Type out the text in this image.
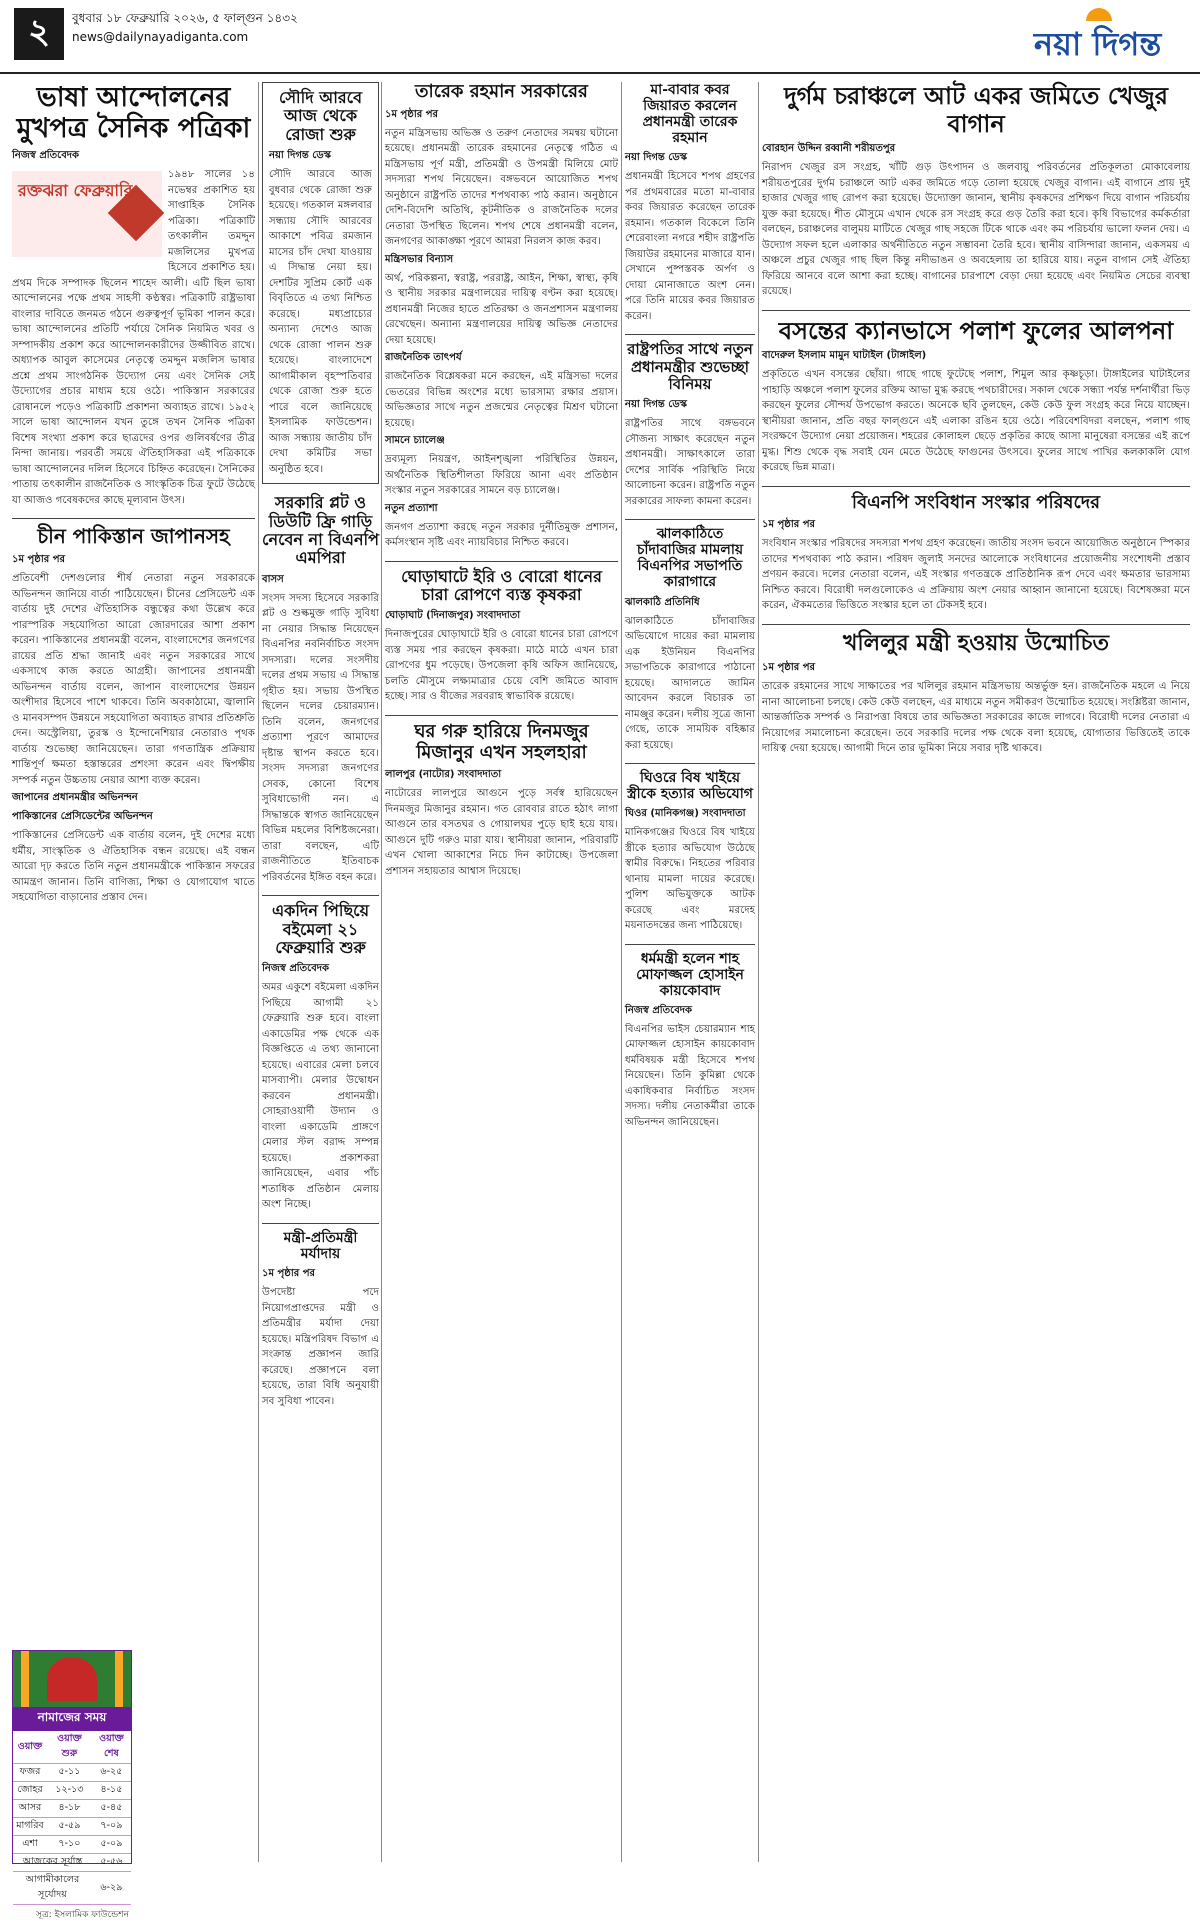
২	বুধবার ১৮ ফেব্রুয়ারি ২০২৬, ৫ ফাল্গুন ১৪৩২
news@dailynayadiganta.com	নয়া দিগন্ত
ভাষা আন্দোলনের মুখপত্র সৈনিক পত্রিকা
নিজস্ব প্রতিবেদক
রক্তঝরা ফেব্রুয়ারি

১৯৪৮ সালের ১৪ নভেম্বর প্রকাশিত হয় সাপ্তাহিক সৈনিক পত্রিকা। পত্রিকাটি তৎকালীন তমদ্দুন মজলিসের মুখপত্র হিসেবে প্রকাশিত হয়। প্রথম দিকে সম্পাদক ছিলেন শাহেদ আলী। এটি ছিল ভাষা আন্দোলনের পক্ষে প্রথম সাহসী কণ্ঠস্বর। পত্রিকাটি রাষ্ট্রভাষা বাংলার দাবিতে জনমত গঠনে গুরুত্বপূর্ণ ভূমিকা পালন করে। ভাষা আন্দোলনের প্রতিটি পর্যায়ে সৈনিক নিয়মিত খবর ও সম্পাদকীয় প্রকাশ করে আন্দোলনকারীদের উজ্জীবিত রাখে। অধ্যাপক আবুল কাসেমের নেতৃত্বে তমদ্দুন মজলিস ভাষার প্রশ্নে প্রথম সাংগঠনিক উদ্যোগ নেয় এবং সৈনিক সেই উদ্যোগের প্রচার মাধ্যম হয়ে ওঠে। পাকিস্তান সরকারের রোষানলে পড়েও পত্রিকাটি প্রকাশনা অব্যাহত রাখে। ১৯৫২ সালে ভাষা আন্দোলন যখন তুঙ্গে তখন সৈনিক পত্রিকা বিশেষ সংখ্যা প্রকাশ করে ছাত্রদের ওপর গুলিবর্ষণের তীব্র নিন্দা জানায়। পরবর্তী সময়ে ঐতিহাসিকরা এই পত্রিকাকে ভাষা আন্দোলনের দলিল হিসেবে চিহ্নিত করেছেন। সৈনিকের পাতায় তৎকালীন রাজনৈতিক ও সাংস্কৃতিক চিত্র ফুটে উঠেছে যা আজও গবেষকদের কাছে মূল্যবান উৎস।

চীন পাকিস্তান জাপানসহ
১ম পৃষ্ঠার পর

প্রতিবেশী দেশগুলোর শীর্ষ নেতারা নতুন সরকারকে অভিনন্দন জানিয়ে বার্তা পাঠিয়েছেন। চীনের প্রেসিডেন্ট এক বার্তায় দুই দেশের ঐতিহাসিক বন্ধুত্বের কথা উল্লেখ করে পারস্পরিক সহযোগিতা আরো জোরদারের আশা প্রকাশ করেন। পাকিস্তানের প্রধানমন্ত্রী বলেন, বাংলাদেশের জনগণের রায়ের প্রতি শ্রদ্ধা জানাই এবং নতুন সরকারের সাথে একসাথে কাজ করতে আগ্রহী। জাপানের প্রধানমন্ত্রী অভিনন্দন বার্তায় বলেন, জাপান বাংলাদেশের উন্নয়ন অংশীদার হিসেবে পাশে থাকবে। তিনি অবকাঠামো, জ্বালানি ও মানবসম্পদ উন্নয়নে সহযোগিতা অব্যাহত রাখার প্রতিশ্রুতি দেন। অস্ট্রেলিয়া, তুরস্ক ও ইন্দোনেশিয়ার নেতারাও পৃথক বার্তায় শুভেচ্ছা জানিয়েছেন। তারা গণতান্ত্রিক প্রক্রিয়ায় শান্তিপূর্ণ ক্ষমতা হস্তান্তরের প্রশংসা করেন এবং দ্বিপক্ষীয় সম্পর্ক নতুন উচ্চতায় নেয়ার আশা ব্যক্ত করেন।

জাপানের প্রধানমন্ত্রীর অভিনন্দন
পাকিস্তানের প্রেসিডেন্টের অভিনন্দন

পাকিস্তানের প্রেসিডেন্ট এক বার্তায় বলেন, দুই দেশের মধ্যে ধর্মীয়, সাংস্কৃতিক ও ঐতিহাসিক বন্ধন রয়েছে। এই বন্ধন আরো দৃঢ় করতে তিনি নতুন প্রধানমন্ত্রীকে পাকিস্তান সফরের আমন্ত্রণ জানান। তিনি বাণিজ্য, শিক্ষা ও যোগাযোগ খাতে সহযোগিতা বাড়ানোর প্রস্তাব দেন।

নামাজের সময়
ওয়াক্ত	ওয়াক্ত শুরু	ওয়াক্ত শেষ
ফজর	৫-১১	৬-২৫
জোহর	১২-১৩	৪-১৫
আসর	৪-১৮	৫-৪৫
মাগরিব	৫-৫৯	৭-০৯
এশা	৭-১০	৫-০৯
আজকের সূর্যাস্ত		৫-৫৬
আগামীকালের সূর্যোদয়		৬-২৯
সূত্র: ইসলামিক ফাউন্ডেশন
সৌদি আরবে আজ থেকে রোজা শুরু
নয়া দিগন্ত ডেস্ক

সৌদি আরবে আজ বুধবার থেকে রোজা শুরু হয়েছে। গতকাল মঙ্গলবার সন্ধ্যায় সৌদি আরবের আকাশে পবিত্র রমজান মাসের চাঁদ দেখা যাওয়ায় এ সিদ্ধান্ত নেয়া হয়। দেশটির সুপ্রিম কোর্ট এক বিবৃতিতে এ তথ্য নিশ্চিত করেছে। মধ্যপ্রাচ্যের অন্যান্য দেশেও আজ থেকে রোজা পালন শুরু হয়েছে। বাংলাদেশে আগামীকাল বৃহস্পতিবার থেকে রোজা শুরু হতে পারে বলে জানিয়েছে ইসলামিক ফাউন্ডেশন। আজ সন্ধ্যায় জাতীয় চাঁদ দেখা কমিটির সভা অনুষ্ঠিত হবে।

সরকারি প্লট ও ডিউটি ফ্রি গাড়ি নেবেন না বিএনপি এমপিরা
বাসস

সংসদ সদস্য হিসেবে সরকারি প্লট ও শুল্কমুক্ত গাড়ি সুবিধা না নেয়ার সিদ্ধান্ত নিয়েছেন বিএনপির নবনির্বাচিত সংসদ সদস্যরা। দলের সংসদীয় দলের প্রথম সভায় এ সিদ্ধান্ত গৃহীত হয়। সভায় উপস্থিত ছিলেন দলের চেয়ারম্যান। তিনি বলেন, জনগণের প্রত্যাশা পূরণে আমাদের দৃষ্টান্ত স্থাপন করতে হবে। সংসদ সদস্যরা জনগণের সেবক, কোনো বিশেষ সুবিধাভোগী নন। এ সিদ্ধান্তকে স্বাগত জানিয়েছেন বিভিন্ন মহলের বিশিষ্টজনেরা। তারা বলছেন, এটি রাজনীতিতে ইতিবাচক পরিবর্তনের ইঙ্গিত বহন করে।

একদিন পিছিয়ে বইমেলা ২১ ফেব্রুয়ারি শুরু
নিজস্ব প্রতিবেদক

অমর একুশে বইমেলা একদিন পিছিয়ে আগামী ২১ ফেব্রুয়ারি শুরু হবে। বাংলা একাডেমির পক্ষ থেকে এক বিজ্ঞপ্তিতে এ তথ্য জানানো হয়েছে। এবারের মেলা চলবে মাসব্যাপী। মেলার উদ্বোধন করবেন প্রধানমন্ত্রী। সোহরাওয়ার্দী উদ্যান ও বাংলা একাডেমি প্রাঙ্গণে মেলার স্টল বরাদ্দ সম্পন্ন হয়েছে। প্রকাশকরা জানিয়েছেন, এবার পাঁচ শতাধিক প্রতিষ্ঠান মেলায় অংশ নিচ্ছে।

মন্ত্রী-প্রতিমন্ত্রী মর্যাদায়
১ম পৃষ্ঠার পর

উপদেষ্টা পদে নিয়োগপ্রাপ্তদের মন্ত্রী ও প্রতিমন্ত্রীর মর্যাদা দেয়া হয়েছে। মন্ত্রিপরিষদ বিভাগ এ সংক্রান্ত প্রজ্ঞাপন জারি করেছে। প্রজ্ঞাপনে বলা হয়েছে, তারা বিধি অনুযায়ী সব সুবিধা পাবেন।

তারেক রহমান সরকারের
১ম পৃষ্ঠার পর

নতুন মন্ত্রিসভায় অভিজ্ঞ ও তরুণ নেতাদের সমন্বয় ঘটানো হয়েছে। প্রধানমন্ত্রী তারেক রহমানের নেতৃত্বে গঠিত এ মন্ত্রিসভায় পূর্ণ মন্ত্রী, প্রতিমন্ত্রী ও উপমন্ত্রী মিলিয়ে মোট সদস্যরা শপথ নিয়েছেন। বঙ্গভবনে আয়োজিত শপথ অনুষ্ঠানে রাষ্ট্রপতি তাদের শপথবাক্য পাঠ করান। অনুষ্ঠানে দেশি-বিদেশি অতিথি, কূটনীতিক ও রাজনৈতিক দলের নেতারা উপস্থিত ছিলেন। শপথ শেষে প্রধানমন্ত্রী বলেন, জনগণের আকাঙ্ক্ষা পূরণে আমরা নিরলস কাজ করব।

মন্ত্রিসভার বিন্যাস

অর্থ, পরিকল্পনা, স্বরাষ্ট্র, পররাষ্ট্র, আইন, শিক্ষা, স্বাস্থ্য, কৃষি ও স্থানীয় সরকার মন্ত্রণালয়ের দায়িত্ব বণ্টন করা হয়েছে। প্রধানমন্ত্রী নিজের হাতে প্রতিরক্ষা ও জনপ্রশাসন মন্ত্রণালয় রেখেছেন। অন্যান্য মন্ত্রণালয়ের দায়িত্ব অভিজ্ঞ নেতাদের দেয়া হয়েছে।

রাজনৈতিক তাৎপর্য

রাজনৈতিক বিশ্লেষকরা মনে করছেন, এই মন্ত্রিসভা দলের ভেতরের বিভিন্ন অংশের মধ্যে ভারসাম্য রক্ষার প্রয়াস। অভিজ্ঞতার সাথে নতুন প্রজন্মের নেতৃত্বের মিশ্রণ ঘটানো হয়েছে।

সামনে চ্যালেঞ্জ

দ্রব্যমূল্য নিয়ন্ত্রণ, আইনশৃঙ্খলা পরিস্থিতির উন্নয়ন, অর্থনৈতিক স্থিতিশীলতা ফিরিয়ে আনা এবং প্রতিষ্ঠান সংস্কার নতুন সরকারের সামনে বড় চ্যালেঞ্জ।

নতুন প্রত্যাশা

জনগণ প্রত্যাশা করছে নতুন সরকার দুর্নীতিমুক্ত প্রশাসন, কর্মসংস্থান সৃষ্টি এবং ন্যায়বিচার নিশ্চিত করবে।

ঘোড়াঘাটে ইরি ও বোরো ধানের চারা রোপণে ব্যস্ত কৃষকরা
ঘোড়াঘাট (দিনাজপুর) সংবাদদাতা

দিনাজপুরের ঘোড়াঘাটে ইরি ও বোরো ধানের চারা রোপণে ব্যস্ত সময় পার করছেন কৃষকরা। মাঠে মাঠে এখন চারা রোপণের ধুম পড়েছে। উপজেলা কৃষি অফিস জানিয়েছে, চলতি মৌসুমে লক্ষ্যমাত্রার চেয়ে বেশি জমিতে আবাদ হচ্ছে। সার ও বীজের সরবরাহ স্বাভাবিক রয়েছে।

ঘর গরু হারিয়ে দিনমজুর মিজানুর এখন সহলহারা
লালপুর (নাটোর) সংবাদদাতা

নাটোরের লালপুরে আগুনে পুড়ে সর্বস্ব হারিয়েছেন দিনমজুর মিজানুর রহমান। গত রোববার রাতে হঠাৎ লাগা আগুনে তার বসতঘর ও গোয়ালঘর পুড়ে ছাই হয়ে যায়। আগুনে দুটি গরুও মারা যায়। স্থানীয়রা জানান, পরিবারটি এখন খোলা আকাশের নিচে দিন কাটাচ্ছে। উপজেলা প্রশাসন সহায়তার আশ্বাস দিয়েছে।

মা-বাবার কবর জিয়ারত করলেন প্রধানমন্ত্রী তারেক রহমান
নয়া দিগন্ত ডেস্ক

প্রধানমন্ত্রী হিসেবে শপথ গ্রহণের পর প্রথমবারের মতো মা-বাবার কবর জিয়ারত করেছেন তারেক রহমান। গতকাল বিকেলে তিনি শেরেবাংলা নগরে শহীদ রাষ্ট্রপতি জিয়াউর রহমানের মাজারে যান। সেখানে পুষ্পস্তবক অর্পণ ও দোয়া মোনাজাতে অংশ নেন। পরে তিনি মায়ের কবর জিয়ারত করেন।

রাষ্ট্রপতির সাথে নতুন প্রধানমন্ত্রীর শুভেচ্ছা বিনিময়
নয়া দিগন্ত ডেস্ক

রাষ্ট্রপতির সাথে বঙ্গভবনে সৌজন্য সাক্ষাৎ করেছেন নতুন প্রধানমন্ত্রী। সাক্ষাৎকালে তারা দেশের সার্বিক পরিস্থিতি নিয়ে আলোচনা করেন। রাষ্ট্রপতি নতুন সরকারের সাফল্য কামনা করেন।

ঝালকাঠিতে চাঁদাবাজির মামলায় বিএনপির সভাপতি কারাগারে
ঝালকাঠি প্রতিনিধি

ঝালকাঠিতে চাঁদাবাজির অভিযোগে দায়ের করা মামলায় এক ইউনিয়ন বিএনপির সভাপতিকে কারাগারে পাঠানো হয়েছে। আদালতে জামিন আবেদন করলে বিচারক তা নামঞ্জুর করেন। দলীয় সূত্রে জানা গেছে, তাকে সাময়িক বহিষ্কার করা হয়েছে।

ঘিওরে বিষ খাইয়ে স্ত্রীকে হত্যার অভিযোগ
ঘিওর (মানিকগঞ্জ) সংবাদদাতা

মানিকগঞ্জের ঘিওরে বিষ খাইয়ে স্ত্রীকে হত্যার অভিযোগ উঠেছে স্বামীর বিরুদ্ধে। নিহতের পরিবার থানায় মামলা দায়ের করেছে। পুলিশ অভিযুক্তকে আটক করেছে এবং মরদেহ ময়নাতদন্তের জন্য পাঠিয়েছে।

ধর্মমন্ত্রী হলেন শাহ মোফাজ্জল হোসাইন কায়কোবাদ
নিজস্ব প্রতিবেদক

বিএনপির ভাইস চেয়ারম্যান শাহ মোফাজ্জল হোসাইন কায়কোবাদ ধর্মবিষয়ক মন্ত্রী হিসেবে শপথ নিয়েছেন। তিনি কুমিল্লা থেকে একাধিকবার নির্বাচিত সংসদ সদস্য। দলীয় নেতাকর্মীরা তাকে অভিনন্দন জানিয়েছেন।

দুর্গম চরাঞ্চলে আট একর জমিতে খেজুর বাগান
বোরহান উদ্দিন রব্বানী শরীয়তপুর

নিরাপদ খেজুর রস সংগ্রহ, খাঁটি গুড় উৎপাদন ও জলবায়ু পরিবর্তনের প্রতিকূলতা মোকাবেলায় শরীয়তপুরের দুর্গম চরাঞ্চলে আট একর জমিতে গড়ে তোলা হয়েছে খেজুর বাগান। এই বাগানে প্রায় দুই হাজার খেজুর গাছ রোপণ করা হয়েছে। উদ্যোক্তা জানান, স্থানীয় কৃষকদের প্রশিক্ষণ দিয়ে বাগান পরিচর্যায় যুক্ত করা হয়েছে। শীত মৌসুমে এখান থেকে রস সংগ্রহ করে গুড় তৈরি করা হবে। কৃষি বিভাগের কর্মকর্তারা বলছেন, চরাঞ্চলের বালুময় মাটিতে খেজুর গাছ সহজে টিকে থাকে এবং কম পরিচর্যায় ভালো ফলন দেয়। এ উদ্যোগ সফল হলে এলাকার অর্থনীতিতে নতুন সম্ভাবনা তৈরি হবে। স্থানীয় বাসিন্দারা জানান, একসময় এ অঞ্চলে প্রচুর খেজুর গাছ ছিল কিন্তু নদীভাঙন ও অবহেলায় তা হারিয়ে যায়। নতুন বাগান সেই ঐতিহ্য ফিরিয়ে আনবে বলে আশা করা হচ্ছে। বাগানের চারপাশে বেড়া দেয়া হয়েছে এবং নিয়মিত সেচের ব্যবস্থা রয়েছে।

বসন্তের ক্যানভাসে পলাশ ফুলের আলপনা
বাদেরুল ইসলাম মামুন ঘাটাইল (টাঙ্গাইল)

প্রকৃতিতে এখন বসন্তের ছোঁয়া। গাছে গাছে ফুটেছে পলাশ, শিমুল আর কৃষ্ণচূড়া। টাঙ্গাইলের ঘাটাইলের পাহাড়ি অঞ্চলে পলাশ ফুলের রক্তিম আভা মুগ্ধ করছে পথচারীদের। সকাল থেকে সন্ধ্যা পর্যন্ত দর্শনার্থীরা ভিড় করছেন ফুলের সৌন্দর্য উপভোগ করতে। অনেকে ছবি তুলছেন, কেউ কেউ ফুল সংগ্রহ করে নিয়ে যাচ্ছেন। স্থানীয়রা জানান, প্রতি বছর ফাল্গুনে এই এলাকা রঙিন হয়ে ওঠে। পরিবেশবিদরা বলছেন, পলাশ গাছ সংরক্ষণে উদ্যোগ নেয়া প্রয়োজন। শহরের কোলাহল ছেড়ে প্রকৃতির কাছে আসা মানুষেরা বসন্তের এই রূপে মুগ্ধ। শিশু থেকে বৃদ্ধ সবাই যেন মেতে উঠেছে ফাগুনের উৎসবে। ফুলের সাথে পাখির কলকাকলি যোগ করেছে ভিন্ন মাত্রা।

বিএনপি সংবিধান সংস্কার পরিষদের
১ম পৃষ্ঠার পর

সংবিধান সংস্কার পরিষদের সদস্যরা শপথ গ্রহণ করেছেন। জাতীয় সংসদ ভবনে আয়োজিত অনুষ্ঠানে স্পিকার তাদের শপথবাক্য পাঠ করান। পরিষদ জুলাই সনদের আলোকে সংবিধানের প্রয়োজনীয় সংশোধনী প্রস্তাব প্রণয়ন করবে। দলের নেতারা বলেন, এই সংস্কার গণতন্ত্রকে প্রাতিষ্ঠানিক রূপ দেবে এবং ক্ষমতার ভারসাম্য নিশ্চিত করবে। বিরোধী দলগুলোকেও এ প্রক্রিয়ায় অংশ নেয়ার আহ্বান জানানো হয়েছে। বিশেষজ্ঞরা মনে করেন, ঐকমত্যের ভিত্তিতে সংস্কার হলে তা টেকসই হবে।

খলিলুর মন্ত্রী হওয়ায় উন্মোচিত
১ম পৃষ্ঠার পর

তারেক রহমানের সাথে সাক্ষাতের পর খলিলুর রহমান মন্ত্রিসভায় অন্তর্ভুক্ত হন। রাজনৈতিক মহলে এ নিয়ে নানা আলোচনা চলছে। কেউ কেউ বলছেন, এর মাধ্যমে নতুন সমীকরণ উন্মোচিত হয়েছে। সংশ্লিষ্টরা জানান, আন্তর্জাতিক সম্পর্ক ও নিরাপত্তা বিষয়ে তার অভিজ্ঞতা সরকারের কাজে লাগবে। বিরোধী দলের নেতারা এ নিয়োগের সমালোচনা করেছেন। তবে সরকারি দলের পক্ষ থেকে বলা হয়েছে, যোগ্যতার ভিত্তিতেই তাকে দায়িত্ব দেয়া হয়েছে। আগামী দিনে তার ভূমিকা নিয়ে সবার দৃষ্টি থাকবে।
